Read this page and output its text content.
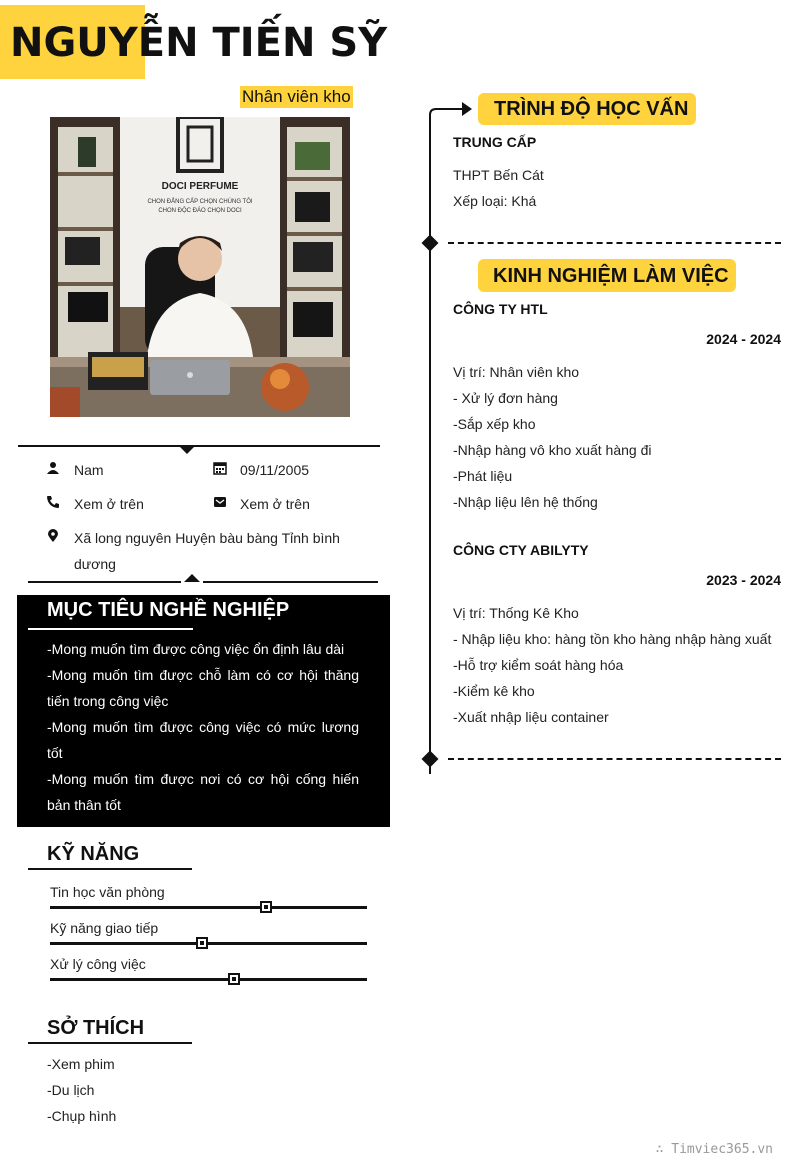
NGUYỄN TIẾN SỸ
Nhân viên kho
DOCI PERFUME
CHON ĐẲNG CẤP CHỌN CHÚNG TÔI
CHON ĐỘC ĐÁO CHỌN DOCI
Nam	09/11/2005
Xem ở trên	Xem ở trên
Xã long nguyên Huyện bàu bàng Tỉnh bình dương
MỤC TIÊU NGHỀ NGHIỆP
-Mong muốn tìm được công việc ổn định lâu dài
-Mong muốn tìm được chỗ làm có cơ hội thăng tiến trong công việc
-Mong muốn tìm được công việc có mức lương tốt
-Mong muốn tìm được nơi có cơ hội cống hiến bản thân tốt
KỸ NĂNG
Tin học văn phòng
Kỹ năng giao tiếp
Xử lý công việc
SỞ THÍCH
-Xem phim
-Du lịch
-Chụp hình
TRÌNH ĐỘ HỌC VẤN
TRUNG CẤP
THPT Bến Cát
Xếp loại: Khá
KINH NGHIỆM LÀM VIỆC
CÔNG TY HTL
2024 - 2024
Vị trí: Nhân viên kho
- Xử lý đơn hàng
-Sắp xếp kho
-Nhập hàng vô kho xuất hàng đi
-Phát liệu
-Nhập liệu lên hệ thống
CÔNG CTY ABILYTY
2023 - 2024
Vị trí: Thống Kê Kho
- Nhập liệu kho: hàng tồn kho hàng nhập hàng xuất
-Hỗ trợ kiểm soát hàng hóa
-Kiểm kê kho
-Xuất nhập liệu container
∴ Timviec365.vn
